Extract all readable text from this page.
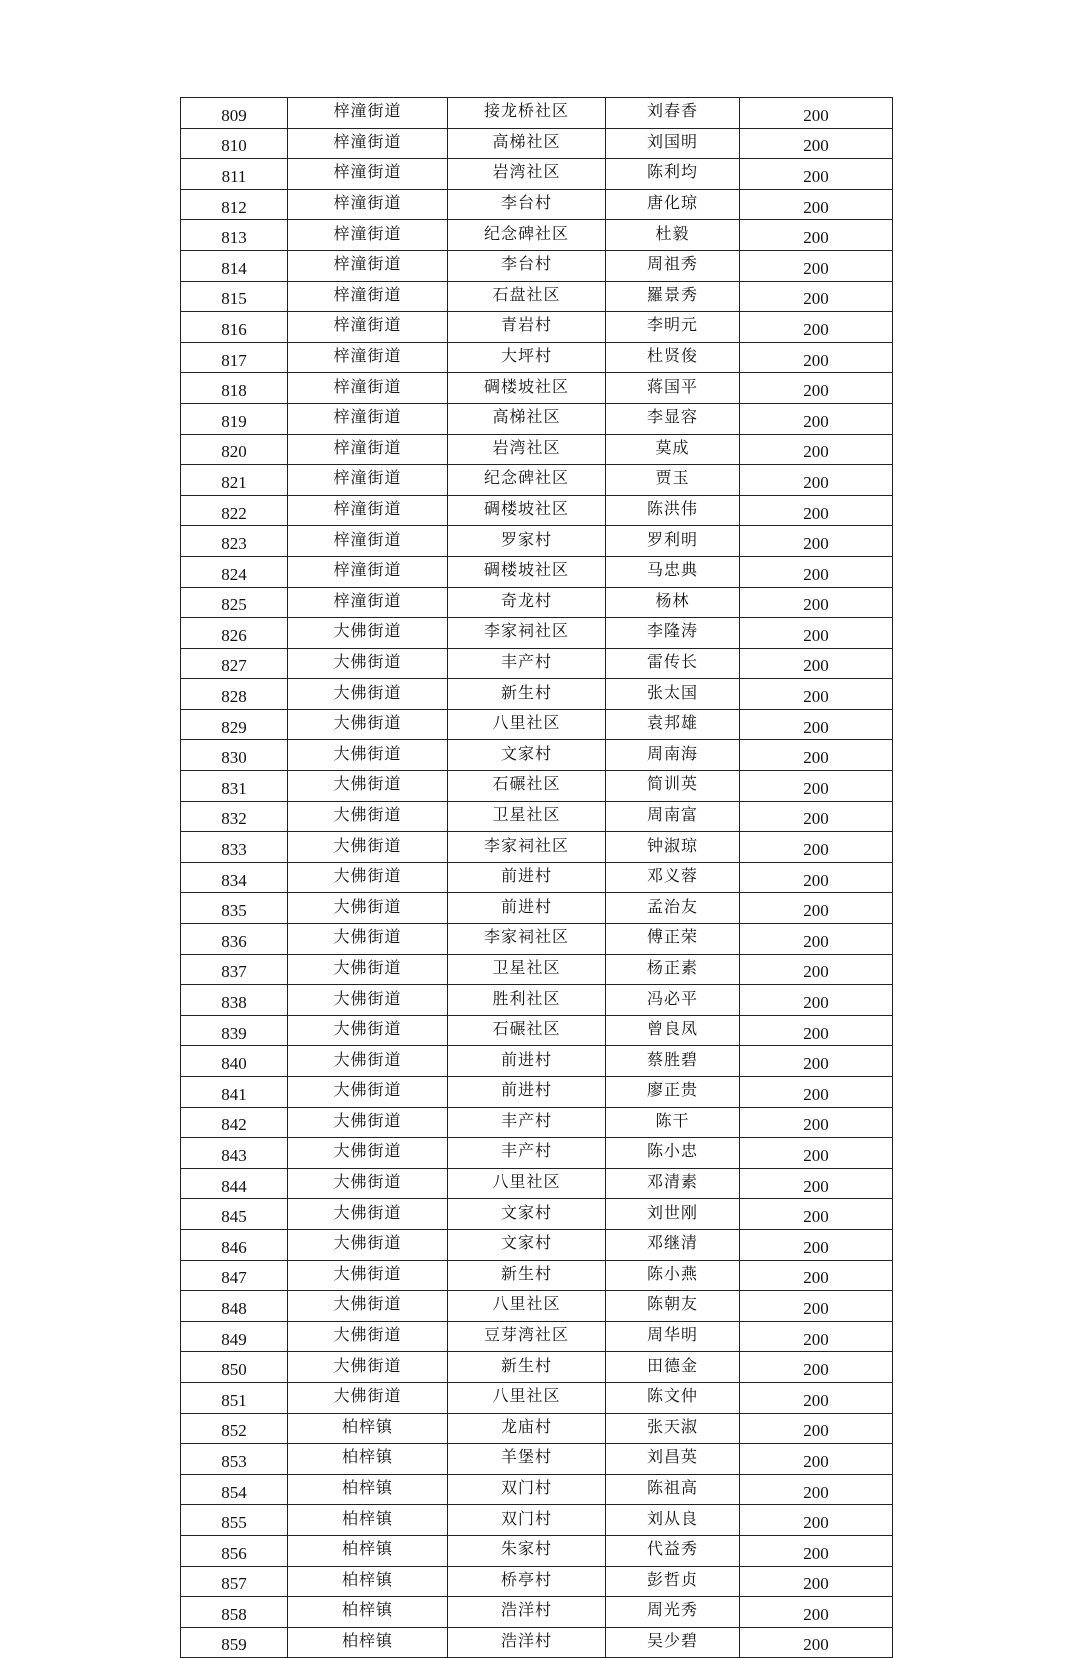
809	梓潼街道	接龙桥社区	刘春香	200
810	梓潼街道	高梯社区	刘国明	200
811	梓潼街道	岩湾社区	陈利均	200
812	梓潼街道	李台村	唐化琼	200
813	梓潼街道	纪念碑社区	杜毅	200
814	梓潼街道	李台村	周祖秀	200
815	梓潼街道	石盘社区	羅景秀	200
816	梓潼街道	青岩村	李明元	200
817	梓潼街道	大坪村	杜贤俊	200
818	梓潼街道	碉楼坡社区	蒋国平	200
819	梓潼街道	高梯社区	李显容	200
820	梓潼街道	岩湾社区	莫成	200
821	梓潼街道	纪念碑社区	贾玉	200
822	梓潼街道	碉楼坡社区	陈洪伟	200
823	梓潼街道	罗家村	罗利明	200
824	梓潼街道	碉楼坡社区	马忠典	200
825	梓潼街道	奇龙村	杨林	200
826	大佛街道	李家祠社区	李隆涛	200
827	大佛街道	丰产村	雷传长	200
828	大佛街道	新生村	张太国	200
829	大佛街道	八里社区	袁邦雄	200
830	大佛街道	文家村	周南海	200
831	大佛街道	石碾社区	简训英	200
832	大佛街道	卫星社区	周南富	200
833	大佛街道	李家祠社区	钟淑琼	200
834	大佛街道	前进村	邓义蓉	200
835	大佛街道	前进村	孟治友	200
836	大佛街道	李家祠社区	傅正荣	200
837	大佛街道	卫星社区	杨正素	200
838	大佛街道	胜利社区	冯必平	200
839	大佛街道	石碾社区	曾良凤	200
840	大佛街道	前进村	蔡胜碧	200
841	大佛街道	前进村	廖正贵	200
842	大佛街道	丰产村	陈干	200
843	大佛街道	丰产村	陈小忠	200
844	大佛街道	八里社区	邓清素	200
845	大佛街道	文家村	刘世刚	200
846	大佛街道	文家村	邓继清	200
847	大佛街道	新生村	陈小燕	200
848	大佛街道	八里社区	陈朝友	200
849	大佛街道	豆芽湾社区	周华明	200
850	大佛街道	新生村	田德金	200
851	大佛街道	八里社区	陈文仲	200
852	柏梓镇	龙庙村	张天淑	200
853	柏梓镇	羊堡村	刘昌英	200
854	柏梓镇	双门村	陈祖高	200
855	柏梓镇	双门村	刘从良	200
856	柏梓镇	朱家村	代益秀	200
857	柏梓镇	桥亭村	彭哲贞	200
858	柏梓镇	浩洋村	周光秀	200
859	柏梓镇	浩洋村	吴少碧	200
